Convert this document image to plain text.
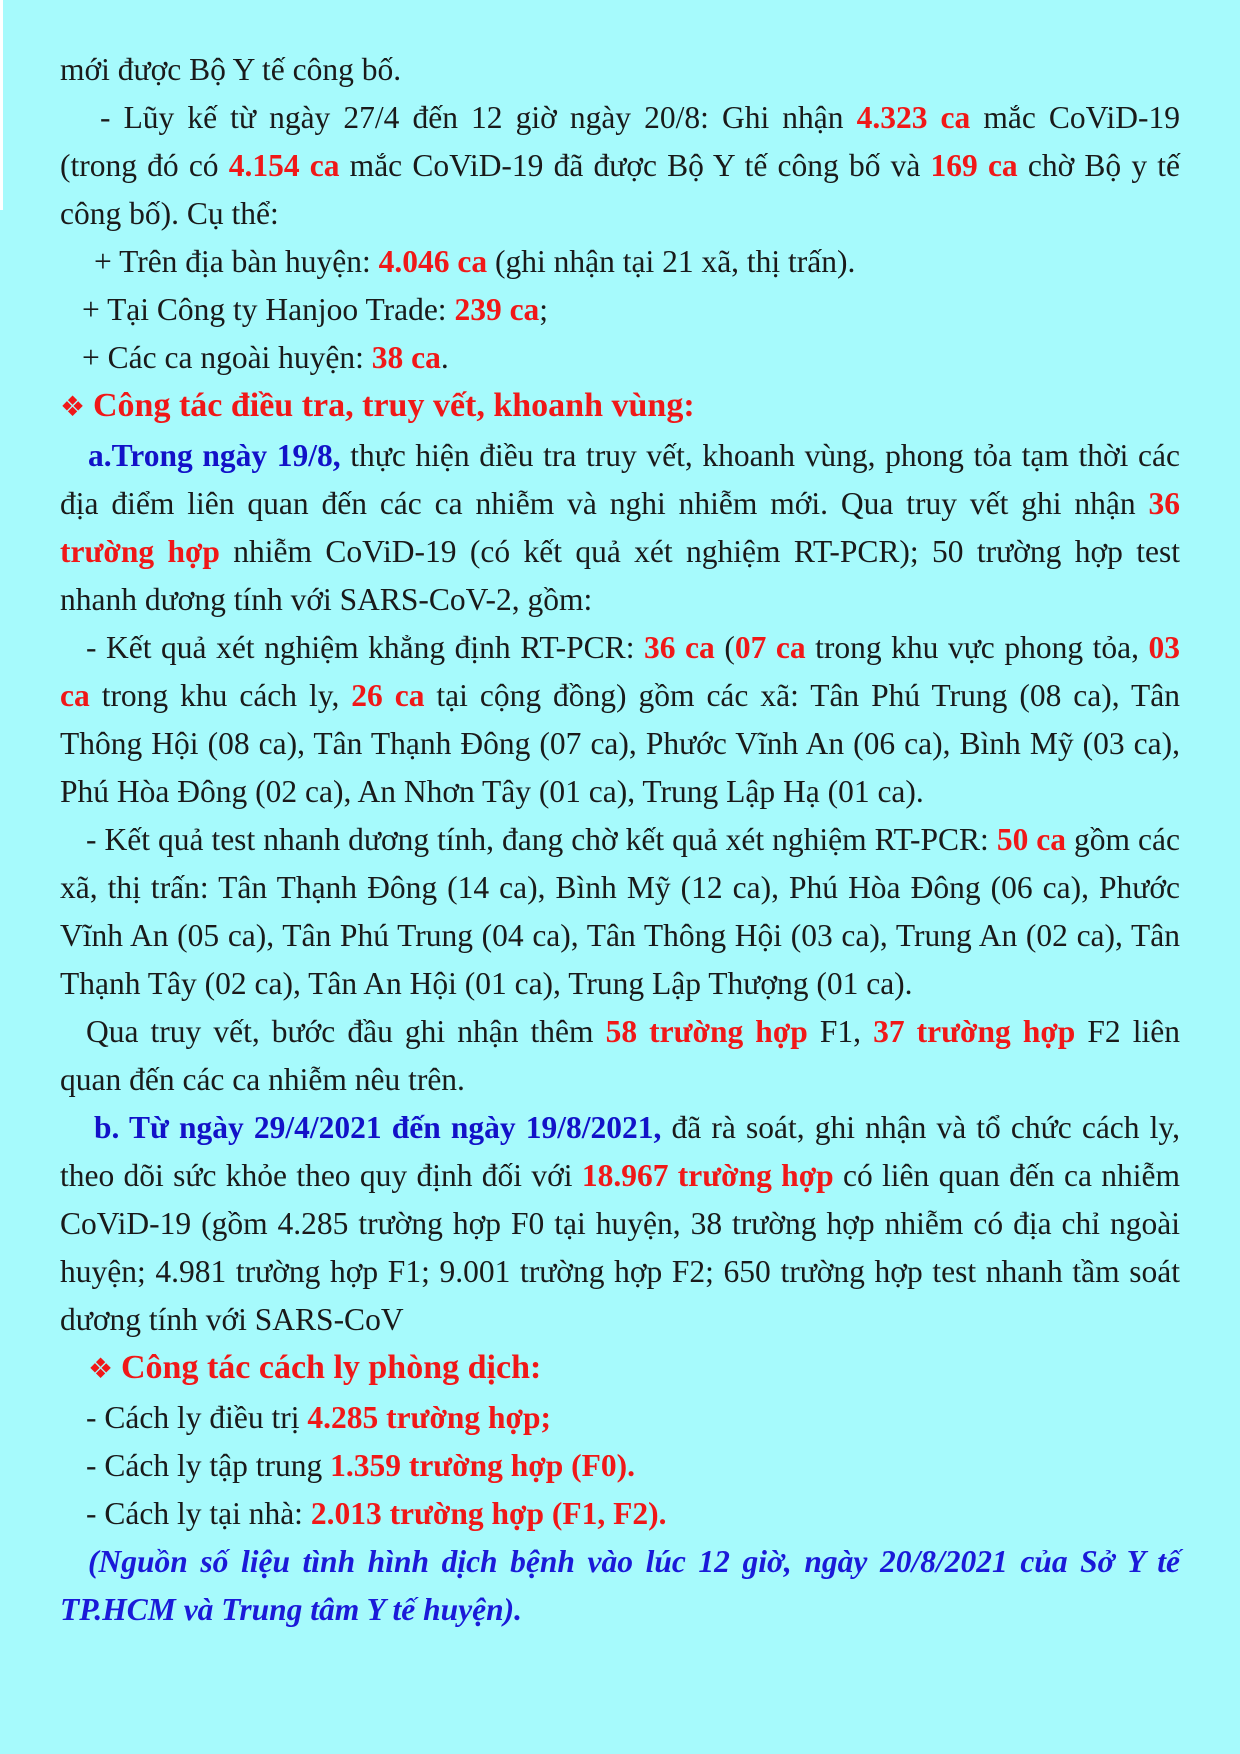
mới được Bộ Y tế công bố.

- Lũy kế từ ngày 27/4 đến 12 giờ ngày 20/8: Ghi nhận 4.323 ca mắc CoViD-19 (trong đó có 4.154 ca mắc CoViD-19 đã được Bộ Y tế công bố và 169 ca chờ Bộ y tế công bố). Cụ thể:

+ Trên địa bàn huyện: 4.046 ca (ghi nhận tại 21 xã, thị trấn).

+ Tại Công ty Hanjoo Trade: 239 ca;

+ Các ca ngoài huyện: 38 ca.

❖ Công tác điều tra, truy vết, khoanh vùng:

a.Trong ngày 19/8, thực hiện điều tra truy vết, khoanh vùng, phong tỏa tạm thời các địa điểm liên quan đến các ca nhiễm và nghi nhiễm mới. Qua truy vết ghi nhận 36 trường hợp nhiễm CoViD-19 (có kết quả xét nghiệm RT-PCR); 50 trường hợp test nhanh dương tính với SARS-CoV-2, gồm:

- Kết quả xét nghiệm khẳng định RT-PCR: 36 ca (07 ca trong khu vực phong tỏa, 03 ca trong khu cách ly, 26 ca tại cộng đồng) gồm các xã: Tân Phú Trung (08 ca), Tân Thông Hội (08 ca), Tân Thạnh Đông (07 ca), Phước Vĩnh An (06 ca), Bình Mỹ (03 ca), Phú Hòa Đông (02 ca), An Nhơn Tây (01 ca), Trung Lập Hạ (01 ca).

- Kết quả test nhanh dương tính, đang chờ kết quả xét nghiệm RT-PCR: 50 ca gồm các xã, thị trấn: Tân Thạnh Đông (14 ca), Bình Mỹ (12 ca), Phú Hòa Đông (06 ca), Phước Vĩnh An (05 ca), Tân Phú Trung (04 ca), Tân Thông Hội (03 ca), Trung An (02 ca), Tân Thạnh Tây (02 ca), Tân An Hội (01 ca), Trung Lập Thượng (01 ca).

Qua truy vết, bước đầu ghi nhận thêm 58 trường hợp F1, 37 trường hợp F2 liên quan đến các ca nhiễm nêu trên.

b. Từ ngày 29/4/2021 đến ngày 19/8/2021, đã rà soát, ghi nhận và tổ chức cách ly, theo dõi sức khỏe theo quy định đối với 18.967 trường hợp có liên quan đến ca nhiễm CoViD-19 (gồm 4.285 trường hợp F0 tại huyện, 38 trường hợp nhiễm có địa chỉ ngoài huyện; 4.981 trường hợp F1; 9.001 trường hợp F2; 650 trường hợp test nhanh tầm soát dương tính với SARS-CoV

❖ Công tác cách ly phòng dịch:

- Cách ly điều trị 4.285 trường hợp;

- Cách ly tập trung 1.359 trường hợp (F0).

- Cách ly tại nhà: 2.013 trường hợp (F1, F2).

(Nguồn số liệu tình hình dịch bệnh vào lúc 12 giờ, ngày 20/8/2021 của Sở Y tế TP.HCM và Trung tâm Y tế huyện).
